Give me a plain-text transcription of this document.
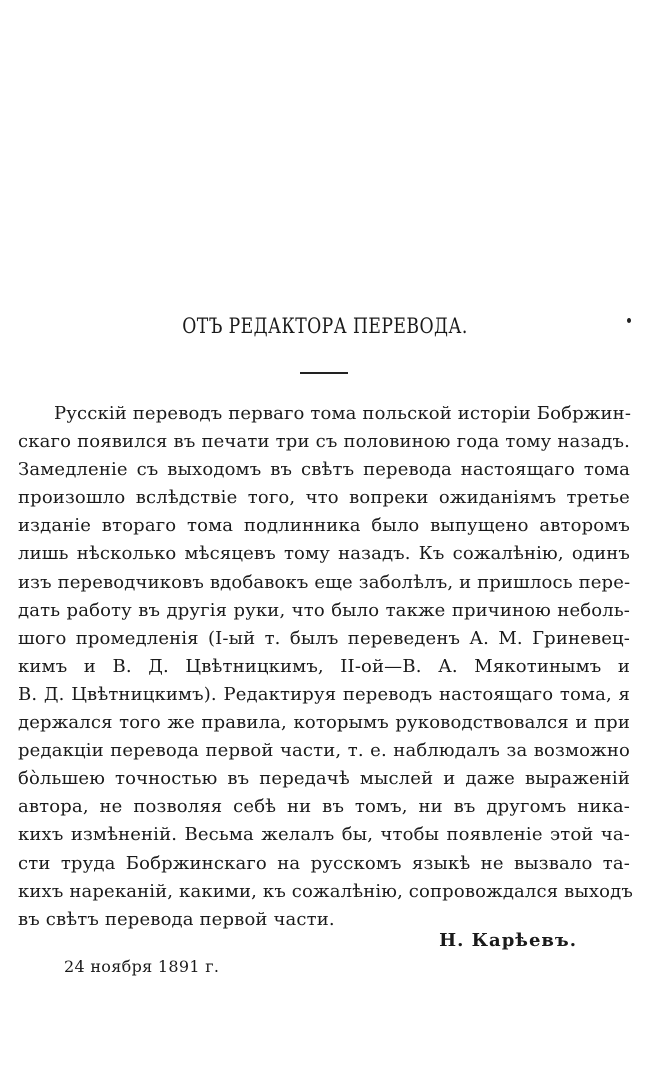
ОТЪ РЕДАКТОРА ПЕРЕВОДА.
Русскій переводъ перваго тома польской исторіи Бобржин-
скаго появился въ печати три съ половиною года тому назадъ.
Замедленіе съ выходомъ въ свѣтъ перевода настоящаго тома
произошло вслѣдствіе того, что вопреки ожиданіямъ третье
изданіе втораго тома подлинника было выпущено авторомъ
лишь нѣсколько мѣсяцевъ тому назадъ. Къ сожалѣнію, одинъ
изъ переводчиковъ вдобавокъ еще заболѣлъ, и пришлось пере-
дать работу въ другія руки, что было также причиною неболь-
шого промедленія (I-ый т. былъ переведенъ А. М. Гриневец-
кимъ и В. Д. Цвѣтницкимъ, II-ой—В. А. Мякотинымъ и
В. Д. Цвѣтницкимъ). Редактируя переводъ настоящаго тома, я
держался того же правила, которымъ руководствовался и при
редакціи перевода первой части, т. е. наблюдалъ за возможно
бо̀льшею точностью въ передачѣ мыслей и даже выраженій
автора, не позволяя себѣ ни въ томъ, ни въ другомъ ника-
кихъ измѣненій. Весьма желалъ бы, чтобы появленіе этой ча-
сти труда Бобржинскаго на русскомъ языкѣ не вызвало та-
кихъ нареканій, какими, къ сожалѣнію, сопровождался выходъ
въ свѣтъ перевода первой части.
Н. Карѣевъ.
24 ноября 1891 г.
